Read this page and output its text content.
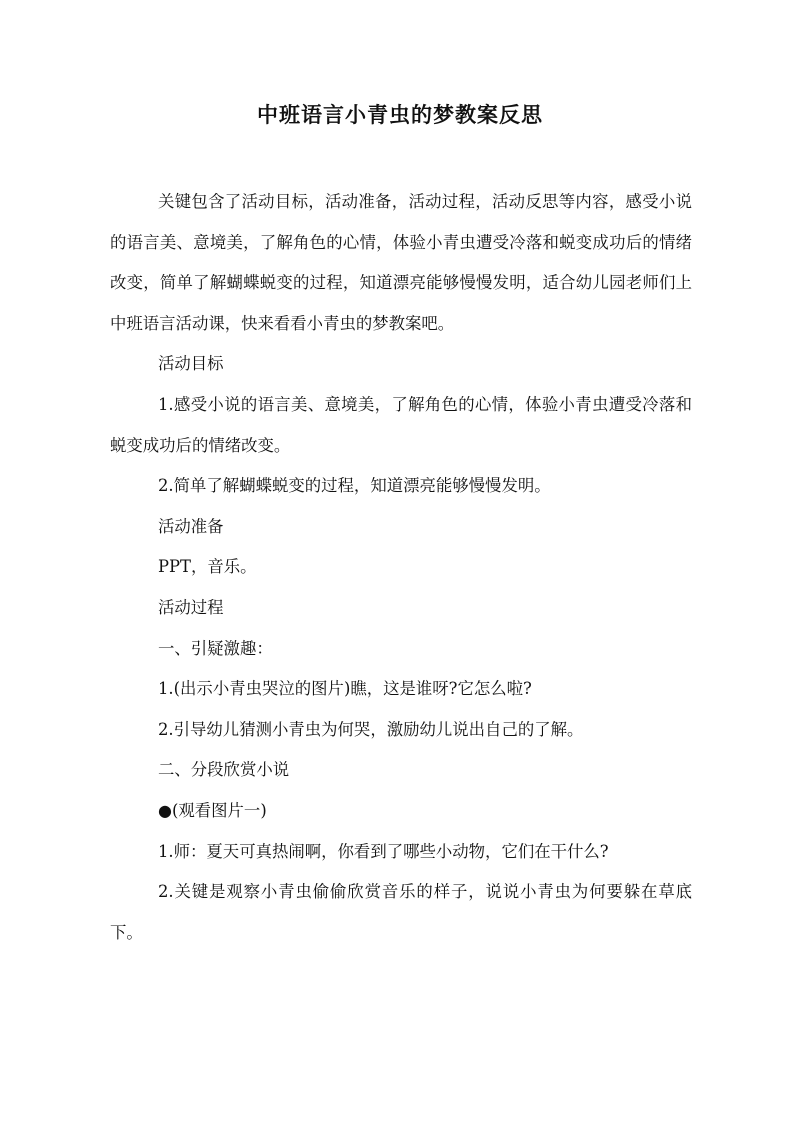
中班语言小青虫的梦教案反思

关键包含了活动目标，活动准备，活动过程，活动反思等内容，感受小说的语言美、意境美，了解角色的心情，体验小青虫遭受冷落和蜕变成功后的情绪改变，简单了解蝴蝶蜕变的过程，知道漂亮能够慢慢发明，适合幼儿园老师们上中班语言活动课，快来看看小青虫的梦教案吧。

活动目标

1.感受小说的语言美、意境美，了解角色的心情，体验小青虫遭受冷落和蜕变成功后的情绪改变。

2.简单了解蝴蝶蜕变的过程，知道漂亮能够慢慢发明。

活动准备

PPT，音乐。

活动过程

一、引疑激趣：

1.(出示小青虫哭泣的图片)瞧，这是谁呀?它怎么啦?

2.引导幼儿猜测小青虫为何哭，激励幼儿说出自己的了解。

二、分段欣赏小说

●(观看图片一)

1.师：夏天可真热闹啊，你看到了哪些小动物，它们在干什么?

2.关键是观察小青虫偷偷欣赏音乐的样子，说说小青虫为何要躲在草底下。
